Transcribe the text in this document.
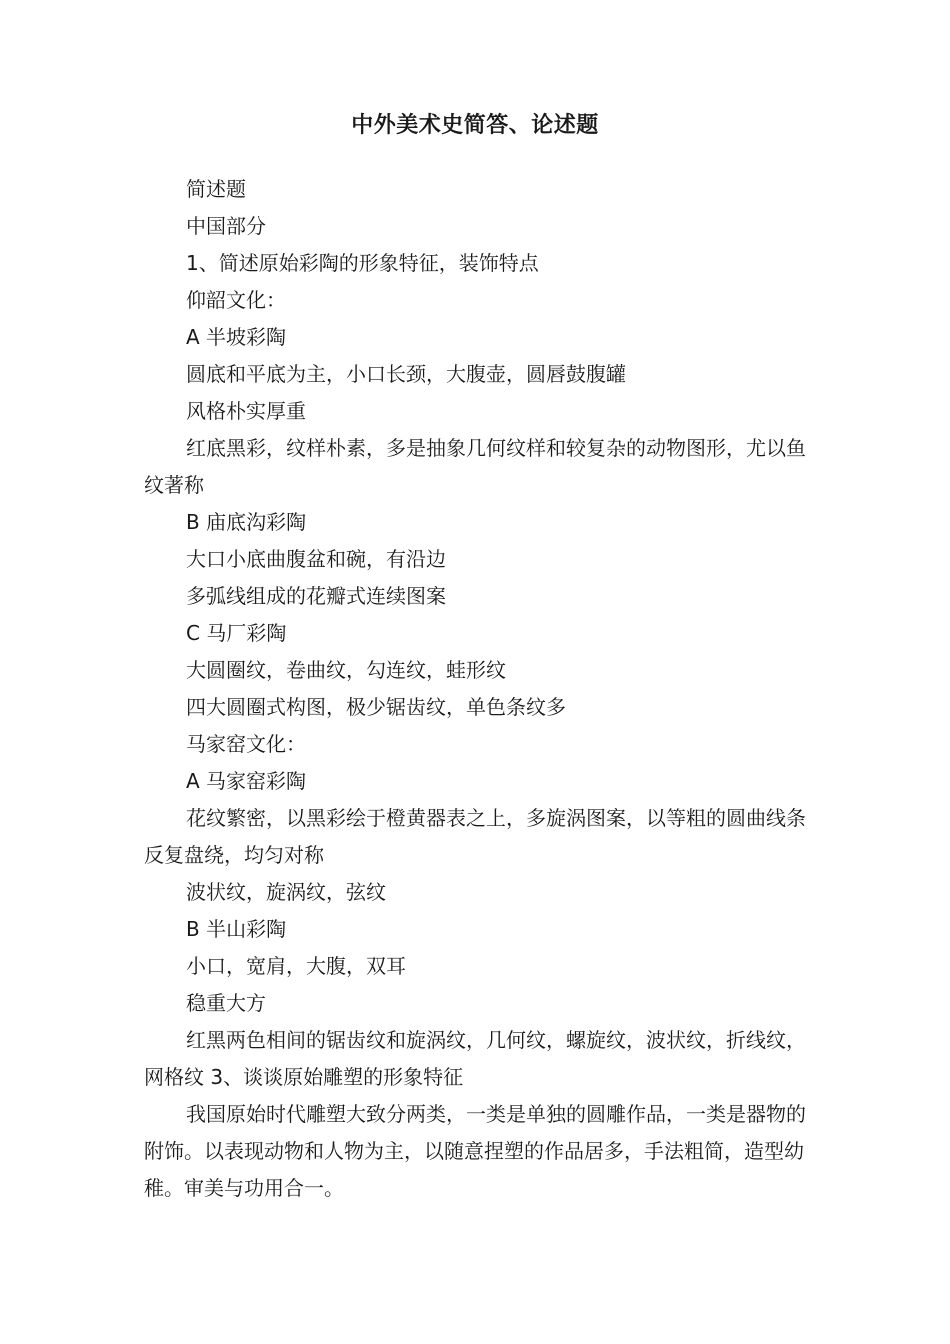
中外美术史简答、论述题

简述题

中国部分

1、简述原始彩陶的形象特征，装饰特点

仰韶文化：

A 半坡彩陶

圆底和平底为主，小口长颈，大腹壶，圆唇鼓腹罐

风格朴实厚重

红底黑彩，纹样朴素，多是抽象几何纹样和较复杂的动物图形，尤以鱼纹著称

B 庙底沟彩陶

大口小底曲腹盆和碗，有沿边

多弧线组成的花瓣式连续图案

C 马厂彩陶

大圆圈纹，卷曲纹，勾连纹，蛙形纹

四大圆圈式构图，极少锯齿纹，单色条纹多

马家窑文化：

A 马家窑彩陶

花纹繁密，以黑彩绘于橙黄器表之上，多旋涡图案，以等粗的圆曲线条反复盘绕，均匀对称

波状纹，旋涡纹，弦纹

B 半山彩陶

小口，宽肩，大腹，双耳

稳重大方

红黑两色相间的锯齿纹和旋涡纹，几何纹，螺旋纹，波状纹，折线纹，网格纹 3、谈谈原始雕塑的形象特征

我国原始时代雕塑大致分两类，一类是单独的圆雕作品，一类是器物的附饰。以表现动物和人物为主，以随意捏塑的作品居多，手法粗简，造型幼稚。审美与功用合一。
